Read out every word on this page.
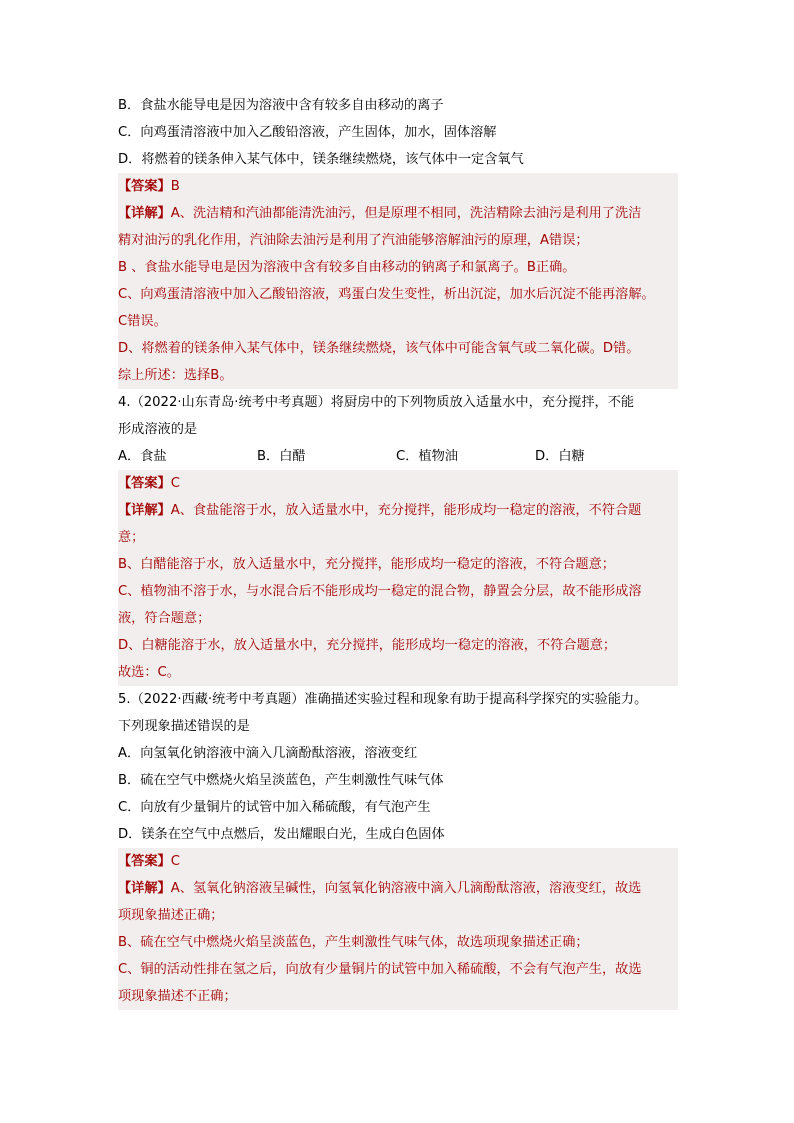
B．食盐水能导电是因为溶液中含有较多自由移动的离子
C．向鸡蛋清溶液中加入乙酸铅溶液，产生固体，加水，固体溶解
D．将燃着的镁条伸入某气体中，镁条继续燃烧，该气体中一定含氧气
【答案】B
【详解】A、洗洁精和汽油都能清洗油污，但是原理不相同，洗洁精除去油污是利用了洗洁
精对油污的乳化作用，汽油除去油污是利用了汽油能够溶解油污的原理，A错误；
B 、食盐水能导电是因为溶液中含有较多自由移动的钠离子和氯离子。B正确。
C、向鸡蛋清溶液中加入乙酸铅溶液，鸡蛋白发生变性，析出沉淀，加水后沉淀不能再溶解。
C错误。
D、将燃着的镁条伸入某气体中，镁条继续燃烧，该气体中可能含氧气或二氧化碳。D错。
综上所述：选择B。
4.（2022·山东青岛·统考中考真题）将厨房中的下列物质放入适量水中，充分搅拌，不能
形成溶液的是
A．食盐	B．白醋	C．植物油	D．白糖
【答案】C
【详解】A、食盐能溶于水，放入适量水中，充分搅拌，能形成均一稳定的溶液，不符合题
意；
B、白醋能溶于水，放入适量水中，充分搅拌，能形成均一稳定的溶液，不符合题意；
C、植物油不溶于水，与水混合后不能形成均一稳定的混合物，静置会分层，故不能形成溶
液，符合题意；
D、白糖能溶于水，放入适量水中，充分搅拌，能形成均一稳定的溶液，不符合题意；
故选：C。
5.（2022·西藏·统考中考真题）准确描述实验过程和现象有助于提高科学探究的实验能力。
下列现象描述错误的是
A．向氢氧化钠溶液中滴入几滴酚酞溶液，溶液变红
B．硫在空气中燃烧火焰呈淡蓝色，产生刺激性气味气体
C．向放有少量铜片的试管中加入稀硫酸，有气泡产生
D．镁条在空气中点燃后，发出耀眼白光，生成白色固体
【答案】C
【详解】A、氢氧化钠溶液呈碱性，向氢氧化钠溶液中滴入几滴酚酞溶液，溶液变红，故选
项现象描述正确；
B、硫在空气中燃烧火焰呈淡蓝色，产生刺激性气味气体，故选项现象描述正确；
C、铜的活动性排在氢之后，向放有少量铜片的试管中加入稀硫酸，不会有气泡产生，故选
项现象描述不正确；
